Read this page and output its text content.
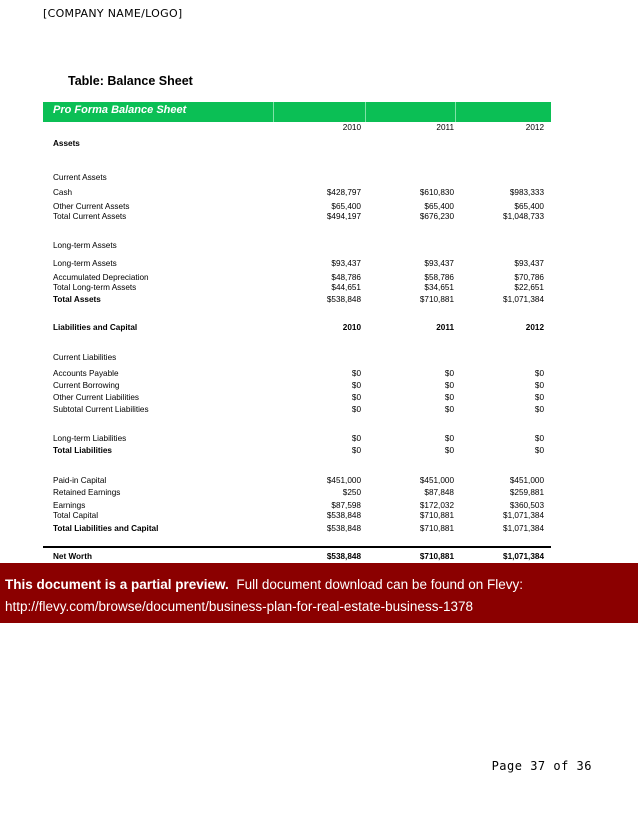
[COMPANY NAME/LOGO]
Table: Balance Sheet
Pro Forma Balance Sheet
2010	2011	2012
Assets
Current Assets
Cash	$428,797	$610,830	$983,333
Other Current Assets	$65,400	$65,400	$65,400
Total Current Assets	$494,197	$676,230	$1,048,733
Long-term Assets
Long-term Assets	$93,437	$93,437	$93,437
Accumulated Depreciation	$48,786	$58,786	$70,786
Total Long-term Assets	$44,651	$34,651	$22,651
Total Assets	$538,848	$710,881	$1,071,384
Liabilities and Capital	2010	2011	2012
Current Liabilities
Accounts Payable	$0	$0	$0
Current Borrowing	$0	$0	$0
Other Current Liabilities	$0	$0	$0
Subtotal Current Liabilities	$0	$0	$0
Long-term Liabilities	$0	$0	$0
Total Liabilities	$0	$0	$0
Paid-in Capital	$451,000	$451,000	$451,000
Retained Earnings	$250	$87,848	$259,881
Earnings	$87,598	$172,032	$360,503
Total Capital	$538,848	$710,881	$1,071,384
Total Liabilities and Capital	$538,848	$710,881	$1,071,384
Net Worth	$538,848	$710,881	$1,071,384
This document is a partial preview. Full document download can be found on Flevy:
http://flevy.com/browse/document/business-plan-for-real-estate-business-1378
Page 37 of 36
